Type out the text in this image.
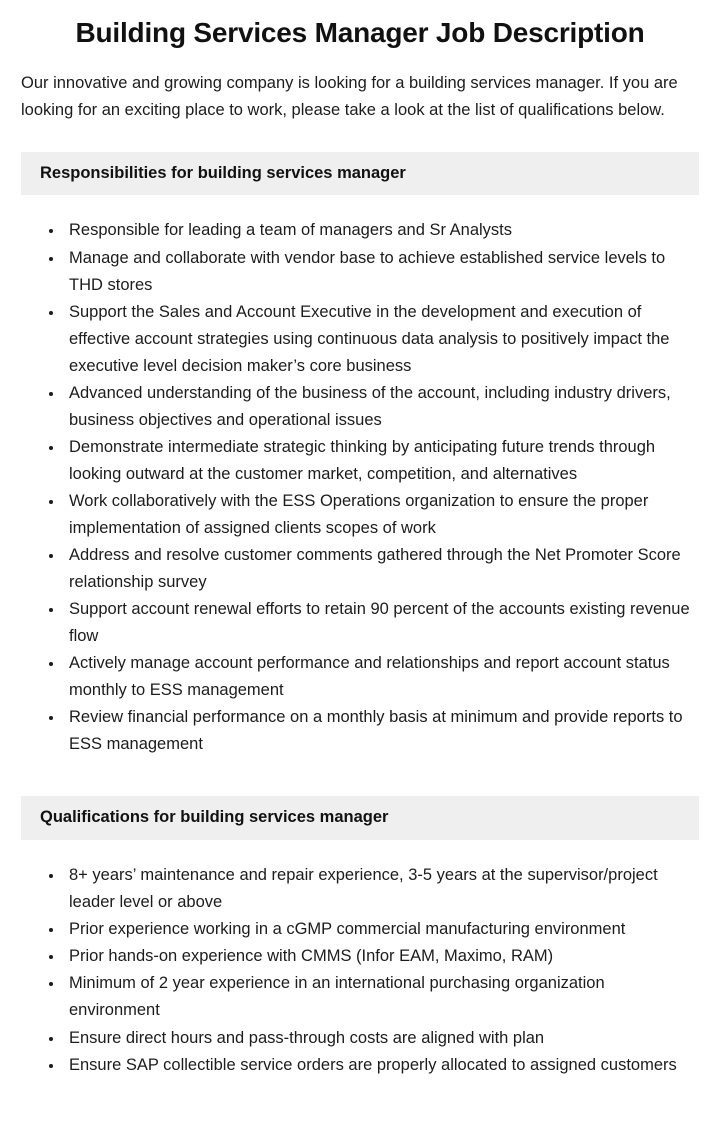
Building Services Manager Job Description

Our innovative and growing company is looking for a building services manager. If you are looking for an exciting place to work, please take a look at the list of qualifications below.

Responsibilities for building services manager
• Responsible for leading a team of managers and Sr Analysts
• Manage and collaborate with vendor base to achieve established service levels to THD stores
• Support the Sales and Account Executive in the development and execution of effective account strategies using continuous data analysis to positively impact the executive level decision maker’s core business
• Advanced understanding of the business of the account, including industry drivers, business objectives and operational issues
• Demonstrate intermediate strategic thinking by anticipating future trends through looking outward at the customer market, competition, and alternatives
• Work collaboratively with the ESS Operations organization to ensure the proper implementation of assigned clients scopes of work
• Address and resolve customer comments gathered through the Net Promoter Score relationship survey
• Support account renewal efforts to retain 90 percent of the accounts existing revenue flow
• Actively manage account performance and relationships and report account status monthly to ESS management
• Review financial performance on a monthly basis at minimum and provide reports to ESS management
Qualifications for building services manager
• 8+ years’ maintenance and repair experience, 3-5 years at the supervisor/project leader level or above
• Prior experience working in a cGMP commercial manufacturing environment
• Prior hands-on experience with CMMS (Infor EAM, Maximo, RAM)
• Minimum of 2 year experience in an international purchasing organization environment
• Ensure direct hours and pass-through costs are aligned with plan
• Ensure SAP collectible service orders are properly allocated to assigned customers
